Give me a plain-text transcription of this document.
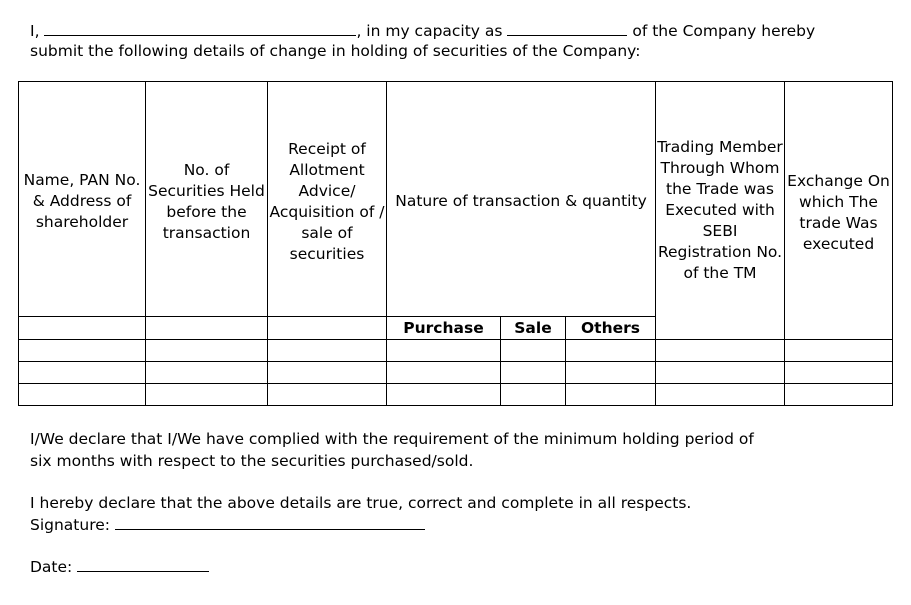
I,	, in my capacity as	of the Company hereby
submit the following details of change in holding of securities of the Company:
Name, PAN No. & Address of shareholder	No. of Securities Held before the transaction	Receipt of Allotment Advice/ Acquisition of / sale of securities	Nature of transaction & quantity			Trading Member Through Whom the Trade was Executed with SEBI Registration No. of the TM	Exchange On which The trade Was executed

			Purchase	Sale	Others		

I/We declare that I/We have complied with the requirement of the minimum holding period of
six months with respect to the securities purchased/sold.
I hereby declare that the above details are true, correct and complete in all respects.
Signature:
Date:
